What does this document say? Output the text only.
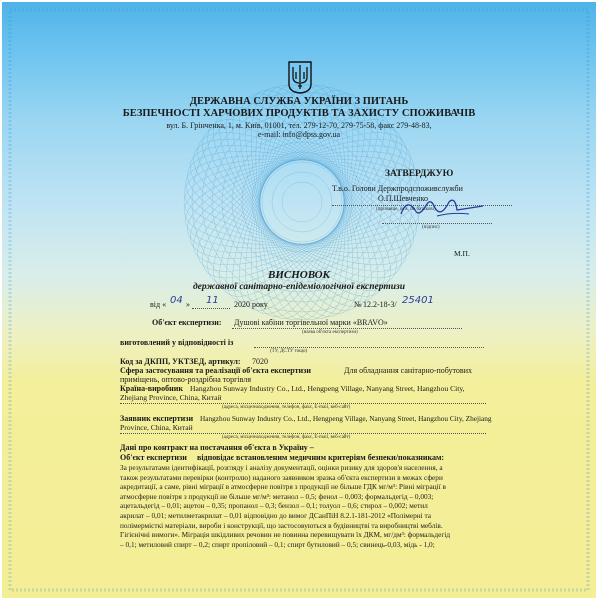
ДЕРЖАВНА СЛУЖБА УКРАЇНИ З ПИТАНЬ
БЕЗПЕЧНОСТІ ХАРЧОВИХ ПРОДУКТІВ ТА ЗАХИСТУ СПОЖИВАЧІВ
вул. Б. Грінченка, 1, м. Київ, 01001, тел. 279-12-70, 279-75-58, факс 279-48-83,
e-mail: info@dpss.gov.ua
ЗАТВЕРДЖУЮ
Т.в.о. Голови Держпродспоживслужби
О.П.Шевченко
(прізвище, ім'я, по батькові)
(підпис)
М.П.
ВИСНОВОК
державної санітарно-епідеміологічної експертизи
від « 04 » 11 2020 року	№ 12.2-18-3/ 25401
Об'єкт експертизи: Душові кабіни торгівельної марки «BRAVO»
(назва об'єкта експертизи)
виготовлений у відповідності із
(ТУ, ДСТУ тощо)
Код за ДКПП, УКТЗЕД, артикул: 7020
Сфера застосування та реалізації об'єкта експертизи	Для обладнання санітарно-побутових
приміщень, оптово-роздрібна торгівля
Країна-виробник Hangzhou Sunway Industry Co., Ltd., Hengpeng Village, Nanyang Street, Hangzhou City,
Zhejiang Province, China, Китай
(адреса, місцезнаходження, телефон, факс, E-mail, веб-сайт)
Заявник експертизи Hangzhou Sunway Industry Co., Ltd., Hengpeng Village, Nanyang Street, Hangzhou City, Zhejiang
Province, China, Китай
(адреса, місцезнаходження, телефон, факс, E-mail, веб-сайт)
Дані про контракт на постачання об'єкта в Україну –
Об'єкт експертизи відповідає встановленим медичним критеріям безпеки/показникам:
За результатами ідентифікації, розгляду і аналізу документації, оцінки ризику для здоров'я населення, а
також результатами перевірки (контролю) наданого заявником зразка об'єкта експертизи в межах сфери
акредитації, а саме, рівні міграції в атмосферне повітря з продукції не більше ГДК мг/м³: Рівні міграції в
атмосферне повітря з продукції не більше мг/м³: метанол – 0,5; фенол – 0,003; формальдегід – 0,003;
ацетальдегід – 0,01; ацетон – 0,35; пропанол – 0,3; бензол – 0,1; толуол – 0,6; стирол – 0,002; метил
акрилат – 0,01; метилметакрилат – 0,01 відповідно до вимог ДСанПіН 8.2.1-181-2012 «Полімерні та
полімермісткі матеріали, вироби і конструкції, що застосовуються в будівництві та виробництві меблів.
Гігієнічні вимоги». Міграція шкідливих речовин не повинна перевищувати їх ДКМ, мг/дм³: формальдегід
– 0,1; метиловий спирт – 0,2; спирт пропіловий – 0,1; спирт бутиловий – 0,5; свинець-0,03, мідь - 1,0;
